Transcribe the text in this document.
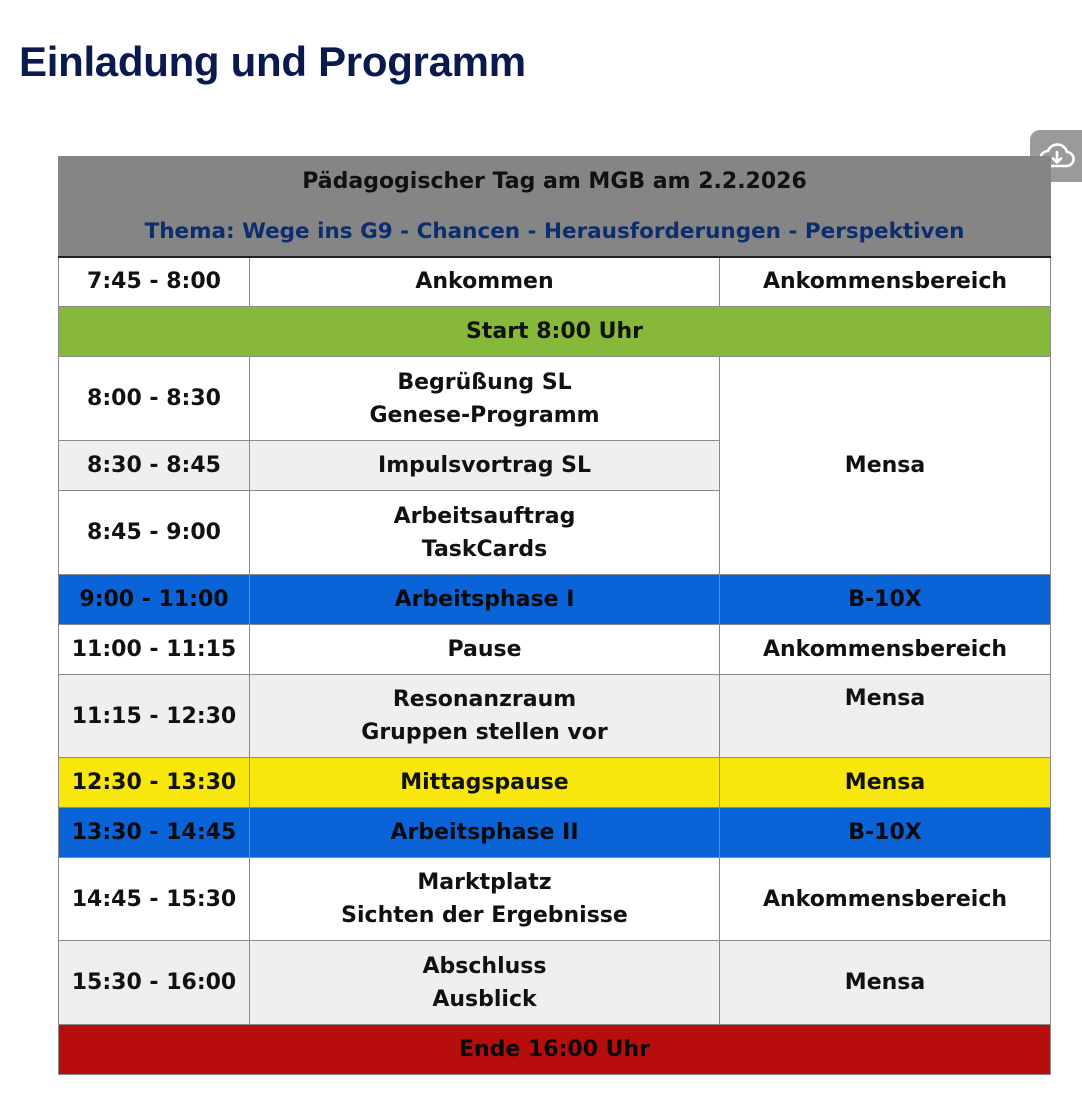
Einladung und Programm
Pädagogischer Tag am MGB am 2.2.2026		
Thema: Wege ins G9 - Chancen - Herausforderungen - Perspektiven		
7:45 - 8:00	Ankommen	Ankommensbereich
Start 8:00 Uhr		
8:00 - 8:30	Begrüßung SL
Genese-Programm	Mensa
8:30 - 8:45	Impulsvortrag SL	
8:45 - 9:00	Arbeitsauftrag
TaskCards	

9:00 - 11:00	Arbeitsphase I	B-10X
11:00 - 11:15	Pause	Ankommensbereich
11:15 - 12:30	Resonanzraum
Gruppen stellen vor	Mensa
12:30 - 13:30	Mittagspause	Mensa
13:30 - 14:45	Arbeitsphase II	B-10X
14:45 - 15:30	Marktplatz
Sichten der Ergebnisse	Ankommensbereich
15:30 - 16:00	Abschluss
Ausblick	Mensa
Ende 16:00 Uhr		
